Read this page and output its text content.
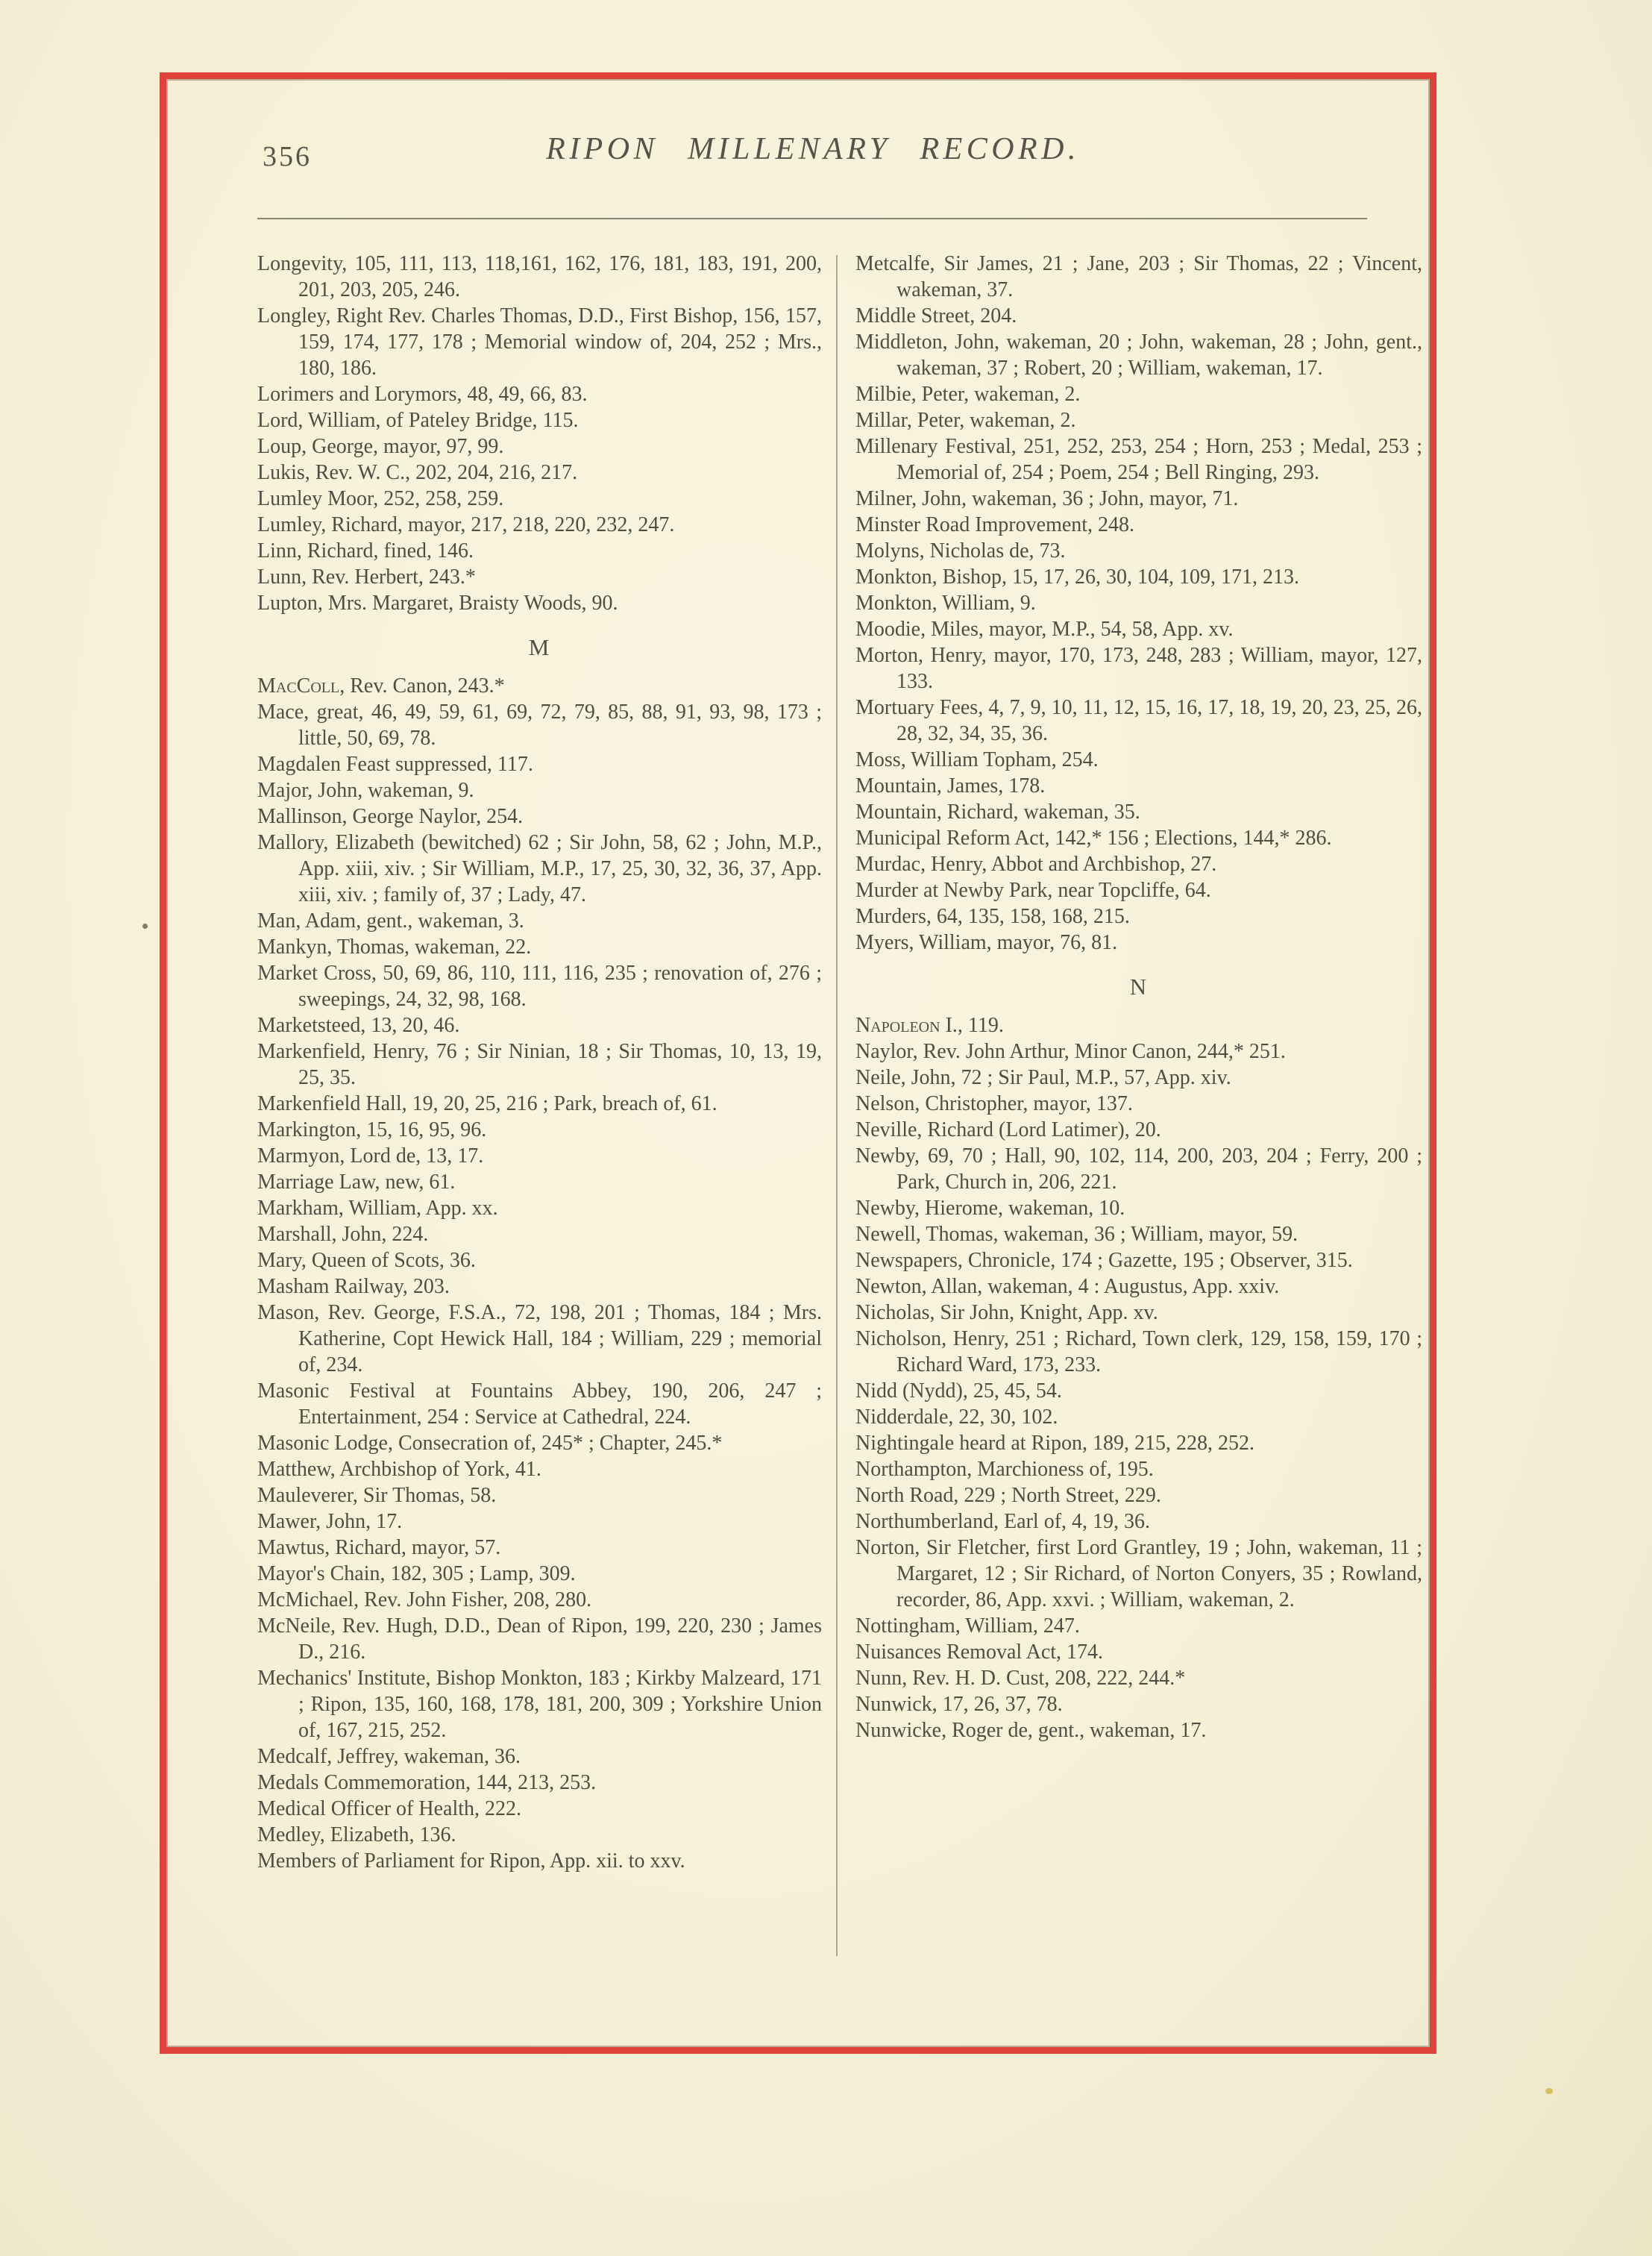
356	RIPON MILLENARY RECORD.

Longevity, 105, 111, 113, 118,161, 162, 176, 181, 183, 191, 200, 201, 203, 205, 246.

Longley, Right Rev. Charles Thomas, D.D., First Bishop, 156, 157, 159, 174, 177, 178 ; Memorial window of, 204, 252 ; Mrs., 180, 186.

Lorimers and Lorymors, 48, 49, 66, 83.

Lord, William, of Pateley Bridge, 115.

Loup, George, mayor, 97, 99.

Lukis, Rev. W. C., 202, 204, 216, 217.

Lumley Moor, 252, 258, 259.

Lumley, Richard, mayor, 217, 218, 220, 232, 247.

Linn, Richard, fined, 146.

Lunn, Rev. Herbert, 243.*

Lupton, Mrs. Margaret, Braisty Woods, 90.

M

MacColl, Rev. Canon, 243.*

Mace, great, 46, 49, 59, 61, 69, 72, 79, 85, 88, 91, 93, 98, 173 ; little, 50, 69, 78.

Magdalen Feast suppressed, 117.

Major, John, wakeman, 9.

Mallinson, George Naylor, 254.

Mallory, Elizabeth (bewitched) 62 ; Sir John, 58, 62 ; John, M.P., App. xiii, xiv. ; Sir William, M.P., 17, 25, 30, 32, 36, 37, App. xiii, xiv. ; family of, 37 ; Lady, 47.

Man, Adam, gent., wakeman, 3.

Mankyn, Thomas, wakeman, 22.

Market Cross, 50, 69, 86, 110, 111, 116, 235 ; renovation of, 276 ; sweepings, 24, 32, 98, 168.

Marketsteed, 13, 20, 46.

Markenfield, Henry, 76 ; Sir Ninian, 18 ; Sir Thomas, 10, 13, 19, 25, 35.

Markenfield Hall, 19, 20, 25, 216 ; Park, breach of, 61.

Markington, 15, 16, 95, 96.

Marmyon, Lord de, 13, 17.

Marriage Law, new, 61.

Markham, William, App. xx.

Marshall, John, 224.

Mary, Queen of Scots, 36.

Masham Railway, 203.

Mason, Rev. George, F.S.A., 72, 198, 201 ; Thomas, 184 ; Mrs. Katherine, Copt Hewick Hall, 184 ; William, 229 ; memorial of, 234.

Masonic Festival at Fountains Abbey, 190, 206, 247 ; Entertainment, 254 : Service at Cathedral, 224.

Masonic Lodge, Consecration of, 245* ; Chapter, 245.*

Matthew, Archbishop of York, 41.

Mauleverer, Sir Thomas, 58.

Mawer, John, 17.

Mawtus, Richard, mayor, 57.

Mayor's Chain, 182, 305 ; Lamp, 309.

McMichael, Rev. John Fisher, 208, 280.

McNeile, Rev. Hugh, D.D., Dean of Ripon, 199, 220, 230 ; James D., 216.

Mechanics' Institute, Bishop Monkton, 183 ; Kirkby Malzeard, 171 ; Ripon, 135, 160, 168, 178, 181, 200, 309 ; Yorkshire Union of, 167, 215, 252.

Medcalf, Jeffrey, wakeman, 36.

Medals Commemoration, 144, 213, 253.

Medical Officer of Health, 222.

Medley, Elizabeth, 136.

Members of Parliament for Ripon, App. xii. to xxv.

Metcalfe, Sir James, 21 ; Jane, 203 ; Sir Thomas, 22 ; Vincent, wakeman, 37.

Middle Street, 204.

Middleton, John, wakeman, 20 ; John, wakeman, 28 ; John, gent., wakeman, 37 ; Robert, 20 ; William, wakeman, 17.

Milbie, Peter, wakeman, 2.

Millar, Peter, wakeman, 2.

Millenary Festival, 251, 252, 253, 254 ; Horn, 253 ; Medal, 253 ; Memorial of, 254 ; Poem, 254 ; Bell Ringing, 293.

Milner, John, wakeman, 36 ; John, mayor, 71.

Minster Road Improvement, 248.

Molyns, Nicholas de, 73.

Monkton, Bishop, 15, 17, 26, 30, 104, 109, 171, 213.

Monkton, William, 9.

Moodie, Miles, mayor, M.P., 54, 58, App. xv.

Morton, Henry, mayor, 170, 173, 248, 283 ; William, mayor, 127, 133.

Mortuary Fees, 4, 7, 9, 10, 11, 12, 15, 16, 17, 18, 19, 20, 23, 25, 26, 28, 32, 34, 35, 36.

Moss, William Topham, 254.

Mountain, James, 178.

Mountain, Richard, wakeman, 35.

Municipal Reform Act, 142,* 156 ; Elections, 144,* 286.

Murdac, Henry, Abbot and Archbishop, 27.

Murder at Newby Park, near Topcliffe, 64.

Murders, 64, 135, 158, 168, 215.

Myers, William, mayor, 76, 81.

N

Napoleon I., 119.

Naylor, Rev. John Arthur, Minor Canon, 244,* 251.

Neile, John, 72 ; Sir Paul, M.P., 57, App. xiv.

Nelson, Christopher, mayor, 137.

Neville, Richard (Lord Latimer), 20.

Newby, 69, 70 ; Hall, 90, 102, 114, 200, 203, 204 ; Ferry, 200 ; Park, Church in, 206, 221.

Newby, Hierome, wakeman, 10.

Newell, Thomas, wakeman, 36 ; William, mayor, 59.

Newspapers, Chronicle, 174 ; Gazette, 195 ; Observer, 315.

Newton, Allan, wakeman, 4 : Augustus, App. xxiv.

Nicholas, Sir John, Knight, App. xv.

Nicholson, Henry, 251 ; Richard, Town clerk, 129, 158, 159, 170 ; Richard Ward, 173, 233.

Nidd (Nydd), 25, 45, 54.

Nidderdale, 22, 30, 102.

Nightingale heard at Ripon, 189, 215, 228, 252.

Northampton, Marchioness of, 195.

North Road, 229 ; North Street, 229.

Northumberland, Earl of, 4, 19, 36.

Norton, Sir Fletcher, first Lord Grantley, 19 ; John, wakeman, 11 ; Margaret, 12 ; Sir Richard, of Norton Conyers, 35 ; Rowland, recorder, 86, App. xxvi. ; William, wakeman, 2.

Nottingham, William, 247.

Nuisances Removal Act, 174.

Nunn, Rev. H. D. Cust, 208, 222, 244.*

Nunwick, 17, 26, 37, 78.

Nunwicke, Roger de, gent., wakeman, 17.
